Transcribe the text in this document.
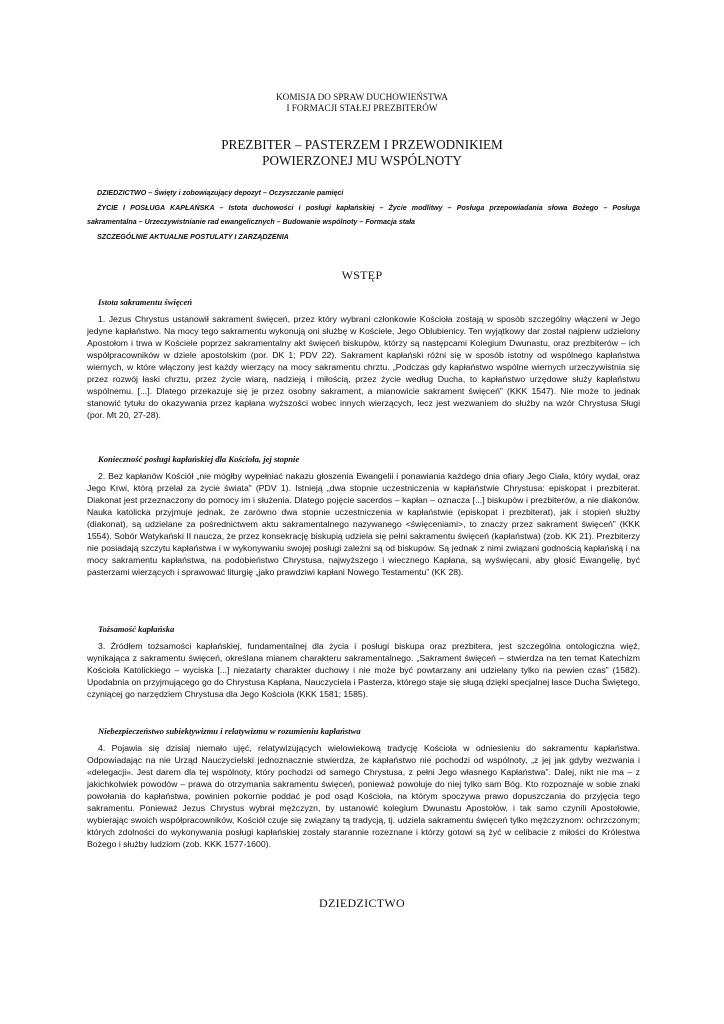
KOMISJA DO SPRAW DUCHOWIEŃSTWA
I FORMACJI STAŁEJ PREZBITERÓW
PREZBITER – PASTERZEM I PRZEWODNIKIEM
POWIERZONEJ MU WSPÓLNOTY
DZIEDZICTWO – Święty i zobowiązujący depozyt – Oczyszczanie pamięci
ŻYCIE I POSŁUGA KAPŁAŃSKA – Istota duchowości i posługi kapłańskiej – Życie modlitwy – Posługa przepowiadania słowa Bożego – Posługa
sakramentalna – Urzeczywistnianie rad ewangelicznych – Budowanie wspólnoty – Formacja stała
SZCZEGÓLNIE AKTUALNE POSTULATY I ZARZĄDZENIA
WSTĘP
Istota sakramentu święceń

1. Jezus Chrystus ustanowił sakrament święceń, przez który wybrani członkowie Kościoła zostają w sposób szczególny włączeni w Jego jedyne kapłaństwo. Na mocy tego sakramentu wykonują oni służbę w Kościele, Jego Oblubienicy. Ten wyjątkowy dar został najpierw udzielony Apostołom i trwa w Kościele poprzez sakramentalny akt święceń biskupów, którzy są następcami Kolegium Dwunastu, oraz prezbiterów – ich współpracowników w dziele apostolskim (por. DK 1; PDV 22). Sakrament kapłański różni się w sposób istotny od wspólnego kapłaństwa wiernych, w które włączony jest każdy wierzący na mocy sakramentu chrztu. „Podczas gdy kapłaństwo wspólne wiernych urzeczywistnia się przez rozwój łaski chrztu, przez życie wiarą, nadzieją i miłością, przez życie według Ducha, to kapłaństwo urzędowe służy kapłaństwu wspólnemu. [...]. Dlatego przekazuje się je przez osobny sakrament, a mianowicie sakrament święceń” (KKK 1547). Nie może to jednak stanowić tytułu do okazywania przez kapłana wyższości wobec innych wierzących, lecz jest wezwaniem do służby na wzór Chrystusa Sługi (por. Mt 20, 27-28).

Konieczność posługi kapłańskiej dla Kościoła, jej stopnie

2. Bez kapłanów Kościół „nie mógłby wypełniać nakazu głoszenia Ewangelii i ponawiania każdego dnia ofiary Jego Ciała, który wydał, oraz Jego Krwi, którą przelał za życie świata” (PDV 1). Istnieją „dwa stopnie uczestniczenia w kapłaństwie Chrystusa: episkopat i prezbiterat. Diakonat jest przeznaczony do pomocy im i służenia. Dlatego pojęcie sacerdos – kapłan – oznacza [...] biskupów i prezbiterów, a nie diakonów. Nauka katolicka przyjmuje jednak, że zarówno dwa stopnie uczestniczenia w kapłaństwie (episkopat i prezbiterat), jak i stopień służby (diakonat), są udzielane za pośrednictwem aktu sakramentalnego nazywanego <święceniami>, to znaczy przez sakrament święceń” (KKK 1554). Sobór Watykański II naucza, że przez konsekrację biskupią udziela się pełni sakramentu święceń (kapłaństwa) (zob. KK 21). Prezbiterzy nie posiadają szczytu kapłaństwa i w wykonywaniu swojej posługi zależni są od biskupów. Są jednak z nimi związani godnością kapłańską i na mocy sakramentu kapłaństwa, na podobieństwo Chrystusa, najwyższego i wiecznego Kapłana, są wyświęcani, aby głosić Ewangelię, być pasterzami wierzących i sprawować liturgię „jako prawdziwi kapłani Nowego Testamentu” (KK 28).

Tożsamość kapłańska

3. Źródłem tożsamości kapłańskiej, fundamentalnej dla życia i posługi biskupa oraz prezbitera, jest szczególna ontologiczna więź, wynikająca z sakramentu święceń, określana mianem charakteru sakramentalnego. „Sakrament święceń – stwierdza na ten temat Katechizm Kościoła Katolickiego – wyciska [...] niezatarty charakter duchowy i nie może być powtarzany ani udzielany tylko na pewien czas” (1582). Upodabnia on przyjmującego go do Chrystusa Kapłana, Nauczyciela i Pasterza, którego staje się sługą dzięki specjalnej łasce Ducha Świętego, czyniącej go narzędziem Chrystusa dla Jego Kościoła (KKK 1581; 1585).

Niebezpieczeństwo subiektywizmu i relatywizmu w rozumieniu kapłaństwa

4. Pojawia się dzisiaj niemało ujęć, relatywizujących wielowiekową tradycję Kościoła w odniesieniu do sakramentu kapłaństwa. Odpowiadając na nie Urząd Nauczycielski jednoznacznie stwierdza, że kapłaństwo nie pochodzi od wspólnoty, „z jej jak gdyby wezwania i «delegacji». Jest darem dla tej wspólnoty, który pochodzi od samego Chrystusa, z pełni Jego własnego Kapłaństwa”. Dalej, nikt nie ma – z jakichkolwiek powodów – prawa do otrzymania sakramentu święceń, ponieważ powołuje do niej tylko sam Bóg. Kto rozpoznaje w sobie znaki powołania do kapłaństwa, powinien pokornie poddać je pod osąd Kościoła, na którym spoczywa prawo dopuszczania do przyjęcia tego sakramentu. Ponieważ Jezus Chrystus wybrał mężczyzn, by ustanowić kolegium Dwunastu Apostołów, i tak samo czynili Apostołowie, wybierając swoich współpracowników, Kościół czuje się związany tą tradycją, tj. udziela sakramentu święceń tylko mężczyznom: ochrzczonym; których zdolności do wykonywania posługi kapłańskiej zostały starannie rozeznane i którzy gotowi są żyć w celibacie z miłości do Królestwa Bożego i służby ludziom (zob. KKK 1577-1600).

DZIEDZICTWO
